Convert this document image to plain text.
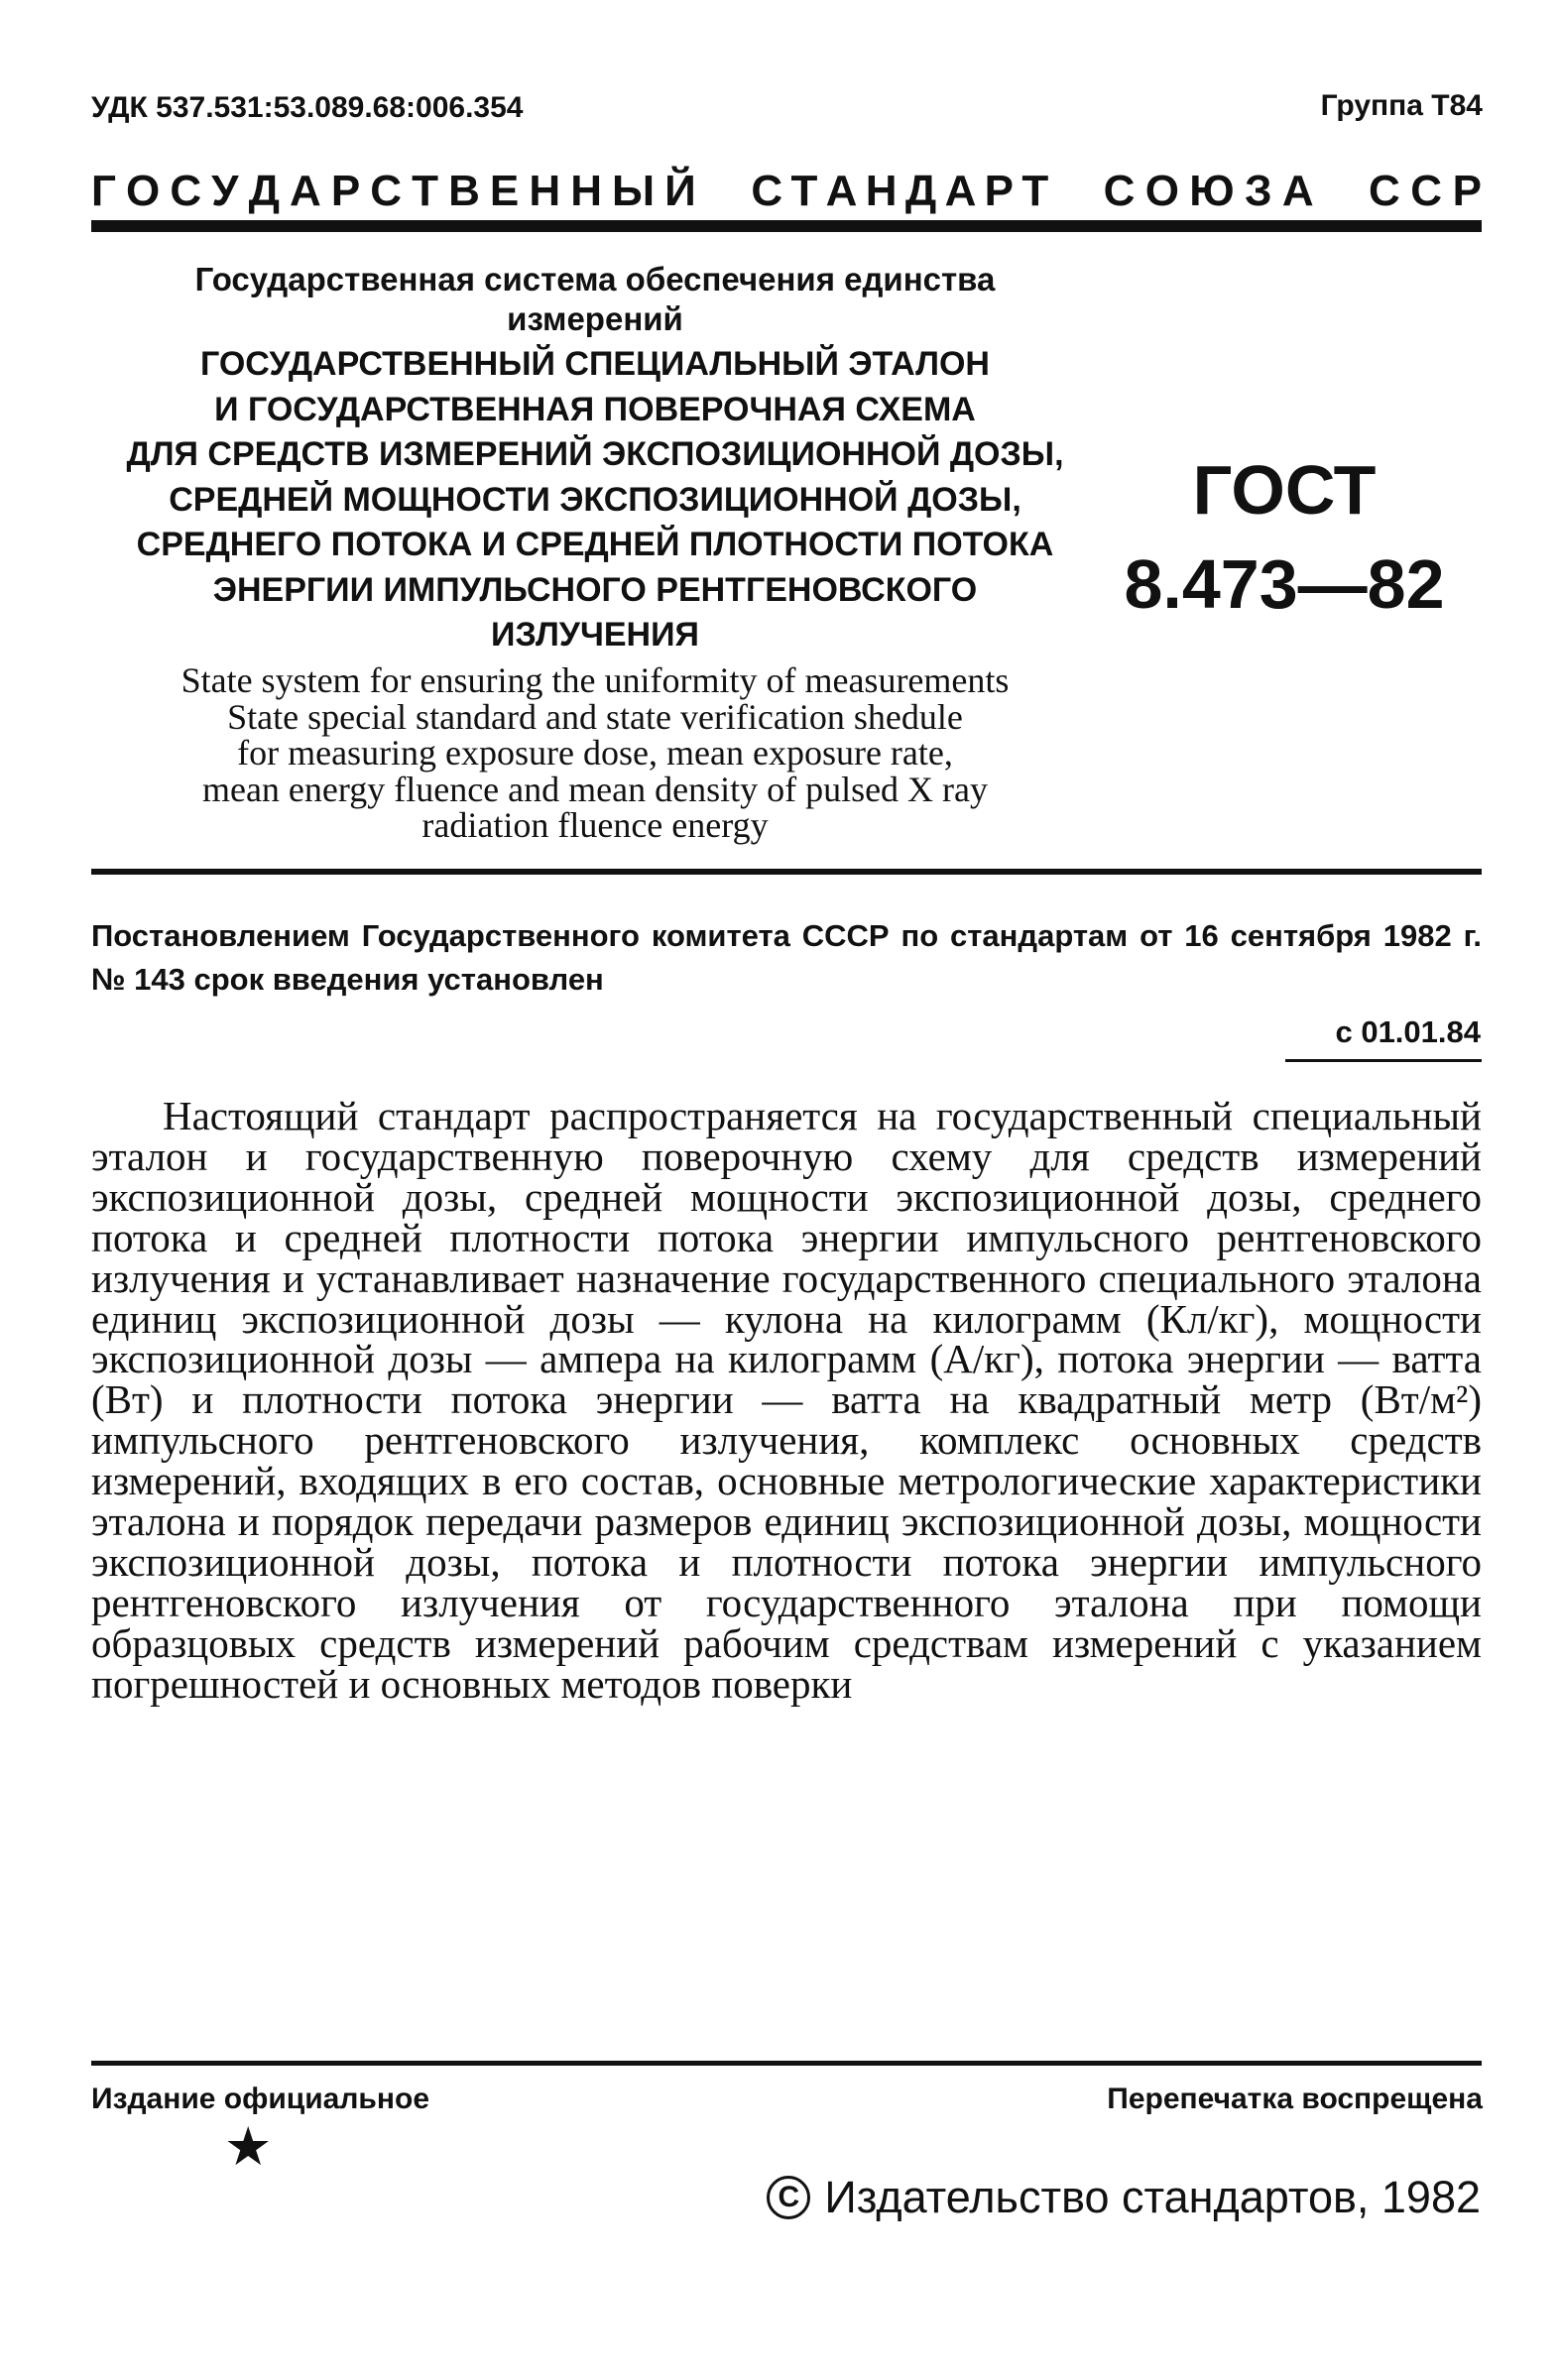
УДК 537.531:53.089.68:006.354	Группа Т84
Г О С У Д А Р С Т В Е Н Н Ы Й С Т А Н Д А Р Т С О Ю З А С С Р
Государственная система обеспечения единства
измерений
ГОСУДАРСТВЕННЫЙ СПЕЦИАЛЬНЫЙ ЭТАЛОН
И ГОСУДАРСТВЕННАЯ ПОВЕРОЧНАЯ СХЕМА
ДЛЯ СРЕДСТВ ИЗМЕРЕНИЙ ЭКСПОЗИЦИОННОЙ ДОЗЫ,
СРЕДНЕЙ МОЩНОСТИ ЭКСПОЗИЦИОННОЙ ДОЗЫ,
СРЕДНЕГО ПОТОКА И СРЕДНЕЙ ПЛОТНОСТИ ПОТОКА
ЭНЕРГИИ ИМПУЛЬСНОГО РЕНТГЕНОВСКОГО
ИЗЛУЧЕНИЯ
ГОСТ
8.473—82
State system for ensuring the uniformity of measurements
State special standard and state verification shedule
for measuring exposure dose, mean exposure rate,
mean energy fluence and mean density of pulsed X ray
radiation fluence energy
Постановлением Государственного комитета СССР по стандартам от 16 сентября 1982 г. № 143 срок введения установлен
с 01.01.84
Настоящий стандарт распространяется на государственный специальный эталон и государственную поверочную схему для средств измерений экспозиционной дозы, средней мощности экспозиционной дозы, среднего потока и средней плотности потока энергии импульсного рентгеновского излучения и устанавливает назначение государственного специального эталона единиц экспозиционной дозы — кулона на килограмм (Кл/кг), мощности экспозиционной дозы — ампера на килограмм (А/кг), потока энергии — ватта (Вт) и плотности потока энергии — ватта на квадратный метр (Вт/м²) импульсного рентгеновского излучения, комплекс основных средств измерений, входящих в его состав, основные метрологические характеристики эталона и порядок передачи размеров единиц экспозиционной дозы, мощности экспозиционной дозы, потока и плотности потока энергии импульсного рентгеновского излучения от государственного эталона при помощи образцовых средств измерений рабочим средствам измерений с указанием погрешностей и основных методов поверки
Издание официальное	Перепечатка воспрещена
★
C Издательство стандартов, 1982
